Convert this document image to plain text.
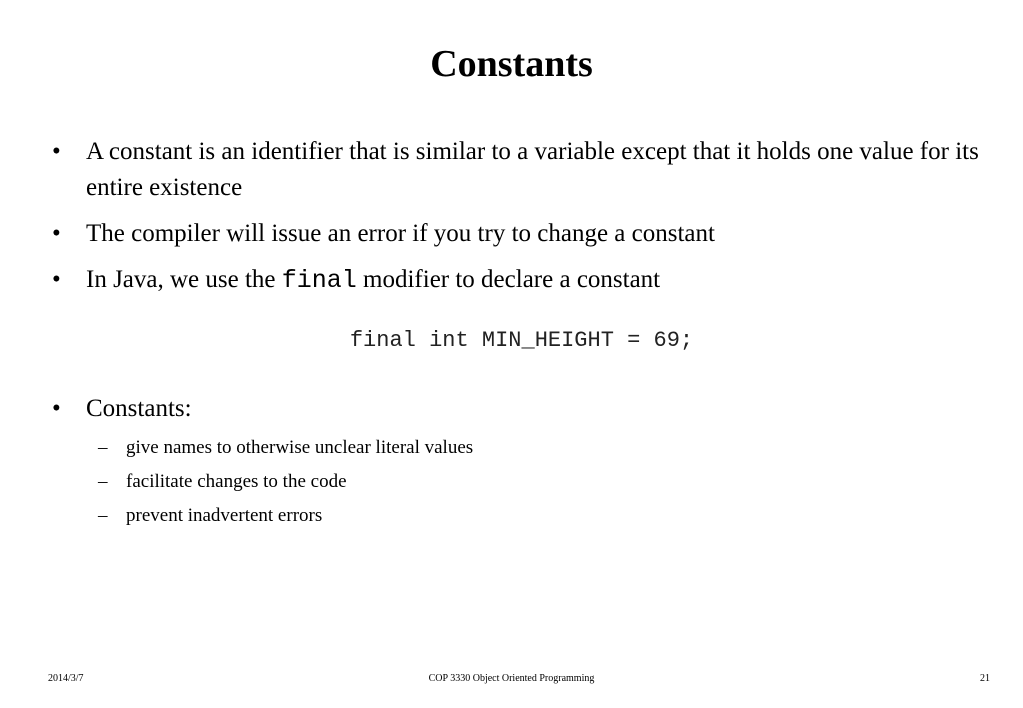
Constants
• A constant is an identifier that is similar to a variable except that it holds one value for its entire existence
• The compiler will issue an error if you try to change a constant
• In Java, we use the final modifier to declare a constant
final int MIN_HEIGHT = 69;
• Constants:
– give names to otherwise unclear literal values
– facilitate changes to the code
– prevent inadvertent errors
COP 3330 Object Oriented Programming
2014/3/7	21
